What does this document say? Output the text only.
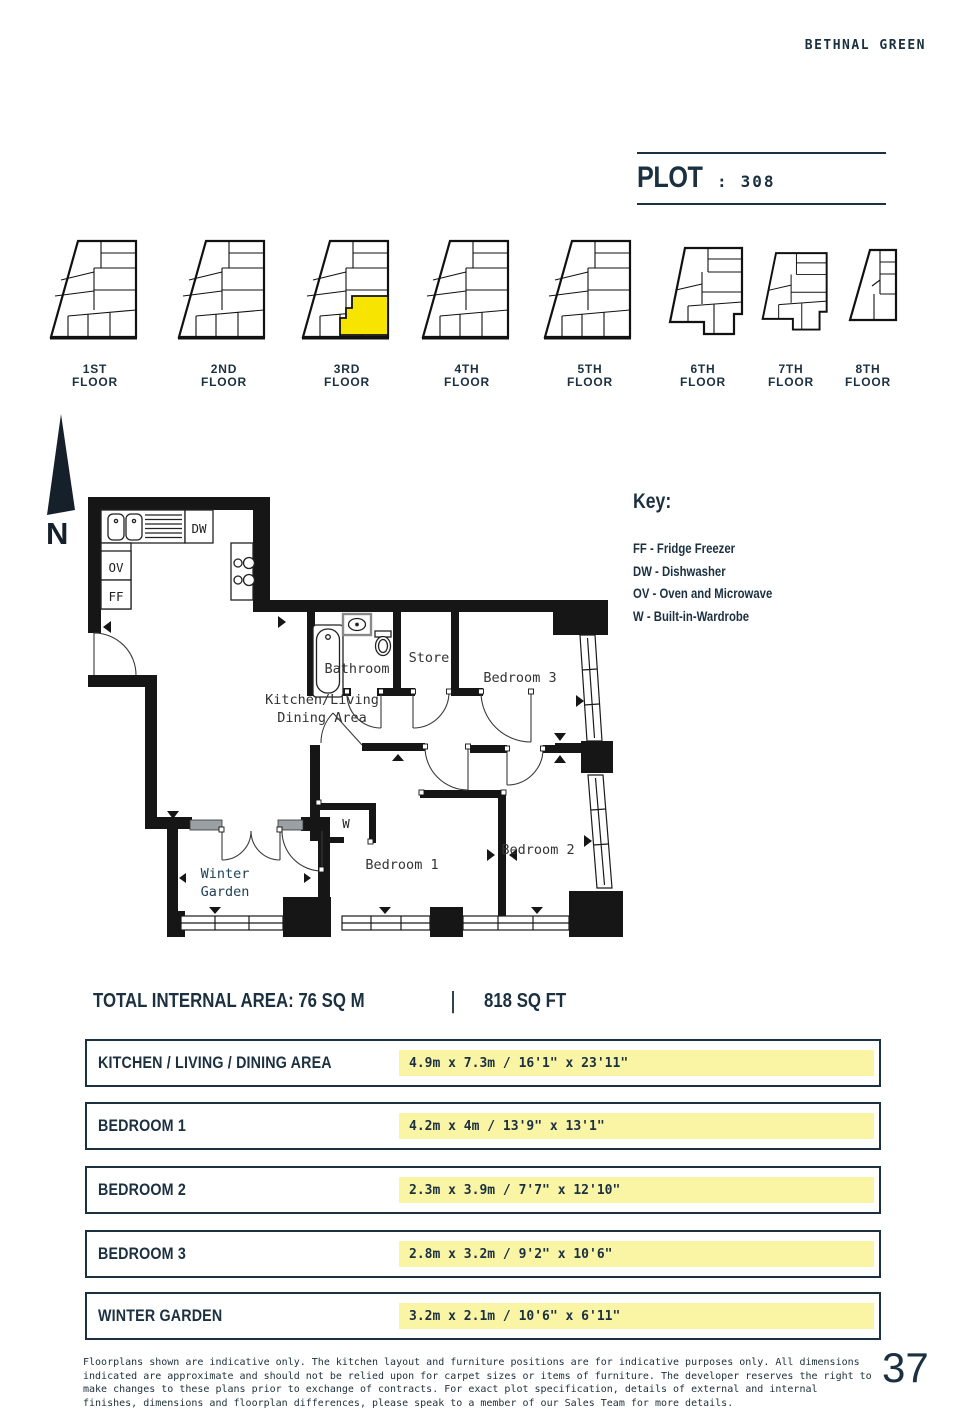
BETHNAL GREEN
PLOT : 308
1ST
FLOOR
2ND
FLOOR
3RD
FLOOR
4TH
FLOOR
5TH
FLOOR
6TH
FLOOR
7TH
FLOOR
8TH
FLOOR
N
Key:
FF - Fridge Freezer
DW - Dishwasher
OV - Oven and Microwave
W - Built-in-Wardrobe
Kitchen/Living
Dining Area
Bathroom
Store
Bedroom 3
Bedroom 1
Bedroom 2
Winter
Garden
OV
FF
DW
W
TOTAL INTERNAL AREA: 76 SQ M	| 818 SQ FT
KITCHEN / LIVING / DINING AREA	4.9m x 7.3m / 16'1" x 23'11"
BEDROOM 1	4.2m x 4m / 13'9" x 13'1"
BEDROOM 2	2.3m x 3.9m / 7'7" x 12'10"
BEDROOM 3	2.8m x 3.2m / 9'2" x 10'6"
WINTER GARDEN	3.2m x 2.1m / 10'6" x 6'11"
Floorplans shown are indicative only. The kitchen layout and furniture positions are for indicative purposes only. All dimensions indicated are approximate and should not be relied upon for carpet sizes or items of furniture. The developer reserves the right to make changes to these plans prior to exchange of contracts. For exact plot specification, details of external and internal finishes, dimensions and floorplan differences, please speak to a member of our Sales Team for more details.
37
